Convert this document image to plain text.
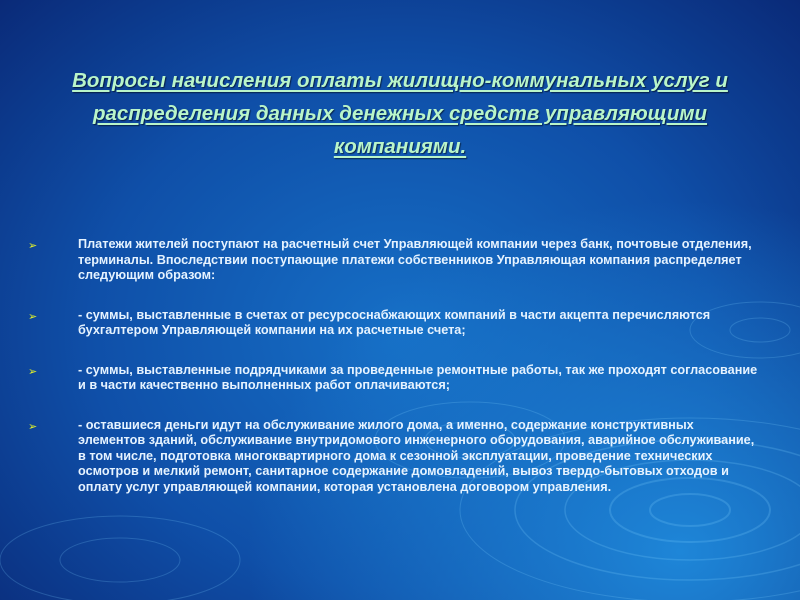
Вопросы начисления оплаты жилищно-коммунальных услуг и распределения данных денежных средств управляющими компаниями.
➢	Платежи жителей поступают на расчетный счет Управляющей компании через банк, почтовые отделения, терминалы. Впоследствии поступающие платежи собственников Управляющая компания распределяет следующим образом:
➢	- суммы, выставленные в счетах от ресурсоснабжающих компаний в части акцепта перечисляются бухгалтером Управляющей компании на их расчетные счета;
➢	- суммы, выставленные подрядчиками за проведенные ремонтные работы, так же проходят согласование и в части качественно выполненных работ оплачиваются;
➢	- оставшиеся деньги идут на обслуживание жилого дома, а именно, содержание конструктивных элементов зданий, обслуживание внутридомового инженерного оборудования, аварийное обслуживание, в том числе, подготовка многоквартирного дома к сезонной эксплуатации, проведение технических осмотров и мелкий ремонт, санитарное содержание домовладений, вывоз твердо-бытовых отходов и оплату услуг управляющей компании, которая установлена договором управления.
